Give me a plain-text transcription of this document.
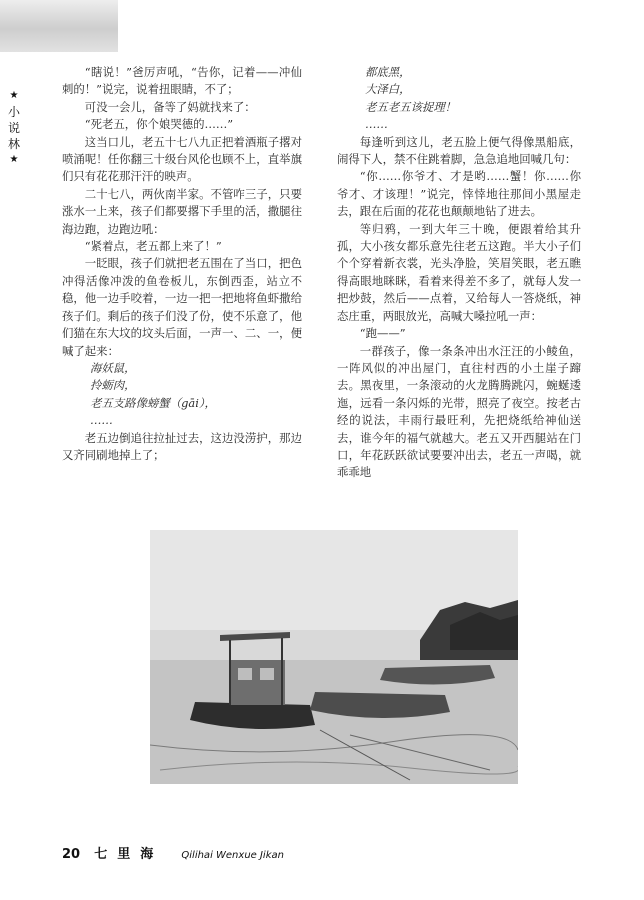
★
小
说
林
★

“瞎说！”爸厉声吼，“告你，记着——冲仙刺的！”说完，说着扭眼睛，不了；

可没一会儿，备等了妈就找来了：

“死老五，你个娘哭德的……”

这当口儿，老五十七八九正把着酒瓶子撂对喷涌呢！任你翻三十级台风伦也顾不上，直举旗们只有花花那汗汗的映声。

二十七八，两伙南半家。不管咋三子，只要涨水一上来，孩子们都要撂下手里的活，撒腿往海边跑，边跑边吼：

“紧着点，老五都上来了！”

一眨眼，孩子们就把老五围在了当口，把色冲得活像冲泼的鱼卷板儿，东倒西歪，站立不稳，他一边手咬着，一边一把一把地将鱼虾撒给孩子们。剩后的孩子们没了份，使不乐意了，他们猫在东大坟的坟头后面，一声一、二、一，便喊了起来：

海妖鼠，

拎蛎肉，

老五支路像螃蟹（gāi），

……

老五边倒追往拉扯过去，这边没涝护，那边又齐同刷地掉上了；

都底黑，

大泽白，

老五老五该捉理！

……

每逢听到这儿，老五脸上便气得像黑船底，闹得下人，禁不住跳着脚，急急追地回喊几句：

“你……你爷才、才是哟……蟹！你……你爷才、才该理！”说完，悻悻地往那间小黑屋走去，跟在后面的花花也颠颠地钻了进去。

等归鸦，一到大年三十晚，便跟着给其升孤，大小孩女都乐意先往老五这跑。半大小子们个个穿着新衣裳，光头净脸，笑眉笑眼，老五瞧得高眼地眯眯，看着来得差不多了，就每人发一把炒鼓，然后——点着，又给每人一答烧纸，神态庄重，两眼放光，高喊大嗓拉吼一声：

“跑——”

一群孩子，像一条条冲出水汪汪的小鲮鱼，一阵风似的冲出屋门，直往村西的小土崖子蹿去。黑夜里，一条滚动的火龙腾腾跳闪，蜿蜒逶迤，远看一条闪烁的光带，照亮了夜空。按老古经的说法，丰雨行最旺利，先把烧纸给神仙送去，谁今年的福气就越大。老五又开西腿站在门口，年花跃跃欲试要要冲出去，老五一声喝，就乖乖地

20 七里海 Qilihai Wenxue Jikan
